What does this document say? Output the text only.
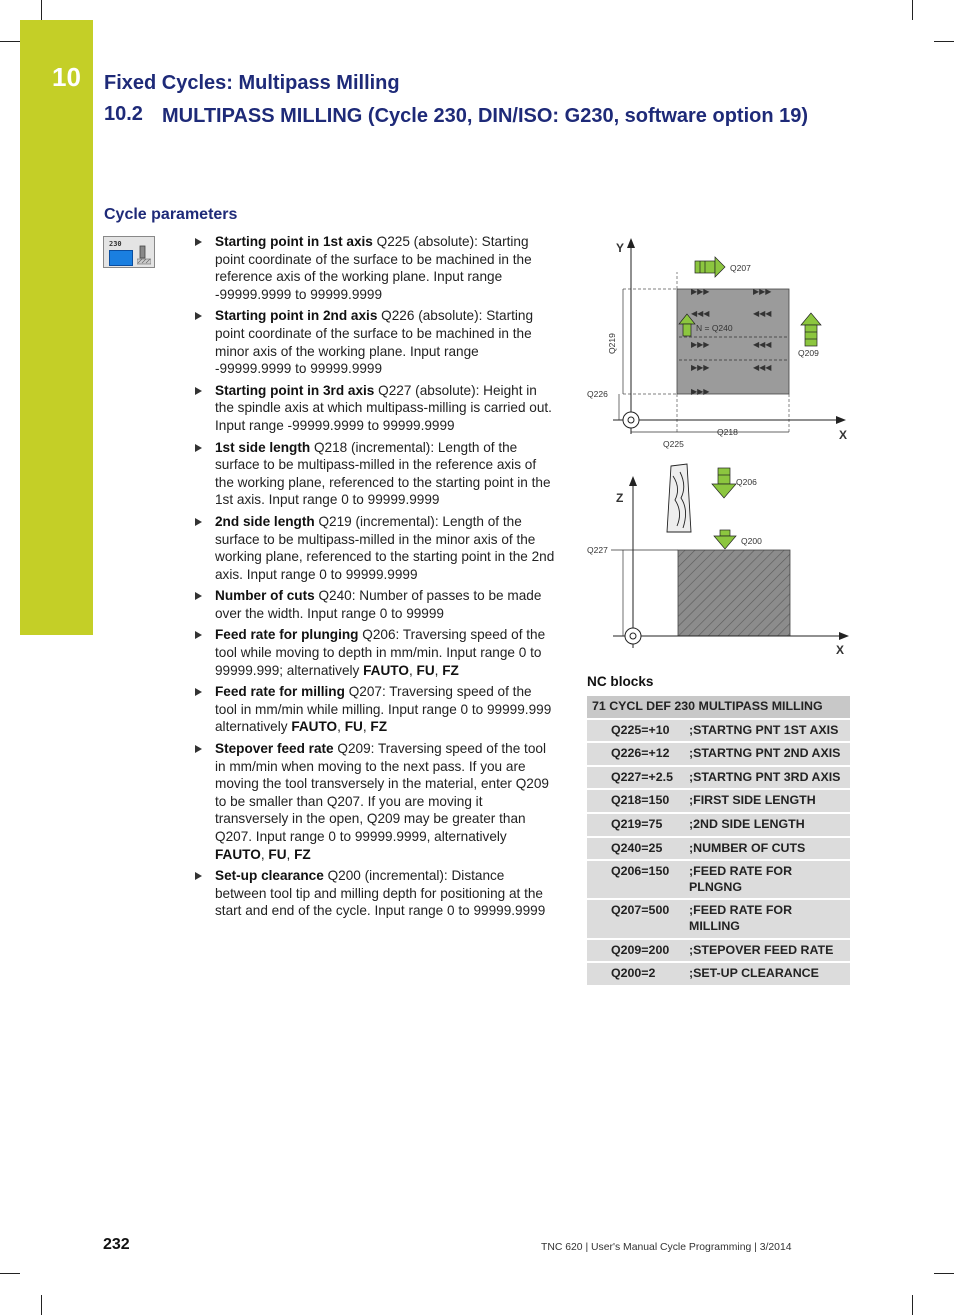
10 Fixed Cycles: Multipass Milling
10.2 MULTIPASS MILLING (Cycle 230, DIN/ISO: G230, software option 19)
Cycle parameters
230	Starting point in 1st axis Q225 (absolute): Starting point coordinate of the surface to be machined in the reference axis of the working plane. Input range -99999.9999 to 99999.9999
Starting point in 2nd axis Q226 (absolute): Starting point coordinate of the surface to be machined in the minor axis of the working plane. Input range -99999.9999 to 99999.9999
Starting point in 3rd axis Q227 (absolute): Height in the spindle axis at which multipass-milling is carried out. Input range -99999.9999 to 99999.9999
1st side length Q218 (incremental): Length of the surface to be multipass-milled in the reference axis of the working plane, referenced to the starting point in the 1st axis. Input range 0 to 99999.9999
2nd side length Q219 (incremental): Length of the surface to be multipass-milled in the minor axis of the working plane, referenced to the starting point in the 2nd axis. Input range 0 to 99999.9999
Number of cuts Q240: Number of passes to be made over the width. Input range 0 to 99999
Feed rate for plunging Q206: Traversing speed of the tool while moving to depth in mm/min. Input range 0 to 99999.999; alternatively FAUTO, FU, FZ
Feed rate for milling Q207: Traversing speed of the tool in mm/min while milling. Input range 0 to 99999.999 alternatively FAUTO, FU, FZ
Stepover feed rate Q209: Traversing speed of the tool in mm/min when moving to the next pass. If you are moving the tool transversely in the material, enter Q209 to be smaller than Q207. If you are moving it transversely in the open, Q209 may be greater than Q207. Input range 0 to 99999.9999, alternatively FAUTO, FU, FZ
Set-up clearance Q200 (incremental): Distance between tool tip and milling depth for positioning at the start and end of the cycle. Input range 0 to 99999.9999
▶▶▶
◀◀◀
▶▶▶
◀◀◀
▶▶▶	◀◀◀
▶▶▶	◀◀◀
▶▶▶
Y
X
Q219
Q226
Q225
Q218
Q207
N = Q240
Q209
Z
X
Q227
Q206
Q200
NC blocks
71 CYCL DEF 230 MULTIPASS MILLING	
Q225=+10	;STARTNG PNT 1ST AXIS
Q226=+12	;STARTNG PNT 2ND AXIS
Q227=+2.5	;STARTNG PNT 3RD AXIS
Q218=150	;FIRST SIDE LENGTH
Q219=75	;2ND SIDE LENGTH
Q240=25	;NUMBER OF CUTS
Q206=150	;FEED RATE FOR PLNGNG
Q207=500	;FEED RATE FOR MILLING
Q209=200	;STEPOVER FEED RATE
Q200=2	;SET-UP CLEARANCE
232	TNC 620 | User's Manual Cycle Programming | 3/2014
